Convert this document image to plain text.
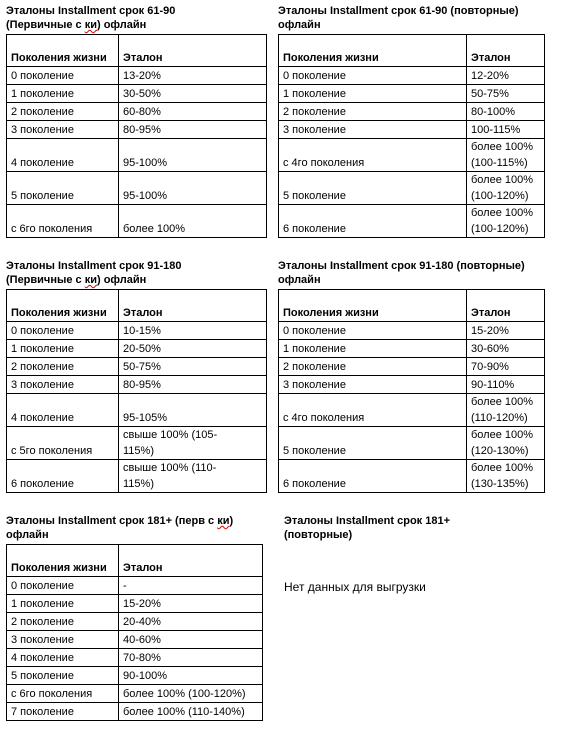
Эталоны Installment срок 61-90
(Первичные с ки) офлайн
Поколения жизни	Эталон
0 поколение	13-20%
1 поколение	30-50%
2 поколение	60-80%
3 поколение	80-95%
4 поколение	95-100%
5 поколение	95-100%
с 6го поколения	более 100%
Эталоны Installment срок 61-90 (повторные)
офлайн
Поколения жизни	Эталон
0 поколение	12-20%
1 поколение	50-75%
2 поколение	80-100%
3 поколение	100-115%
с 4го поколения	более 100%
(100-115%)

5 поколение	более 100%
(100-120%)

6 поколение	более 100%
(100-120%)
Эталоны Installment срок 91-180
(Первичные с ки) офлайн
Поколения жизни	Эталон
0 поколение	10-15%
1 поколение	20-50%
2 поколение	50-75%
3 поколение	80-95%
4 поколение	95-105%
с 5го поколения	свыше 100% (105-
115%)

6 поколение	свыше 100% (110-
115%)
Эталоны Installment срок 91-180 (повторные)
офлайн
Поколения жизни	Эталон
0 поколение	15-20%
1 поколение	30-60%
2 поколение	70-90%
3 поколение	90-110%
с 4го поколения	более 100%
(110-120%)

5 поколение	более 100%
(120-130%)

6 поколение	более 100%
(130-135%)
Эталоны Installment срок 181+ (перв с ки)
офлайн
Поколения жизни	Эталон
0 поколение	-
1 поколение	15-20%
2 поколение	20-40%
3 поколение	40-60%
4 поколение	70-80%
5 поколение	90-100%
с 6го поколения	более 100% (100-120%)
7 поколение	более 100% (110-140%)
Эталоны Installment срок 181+
(повторные)
Нет данных для выгрузки
